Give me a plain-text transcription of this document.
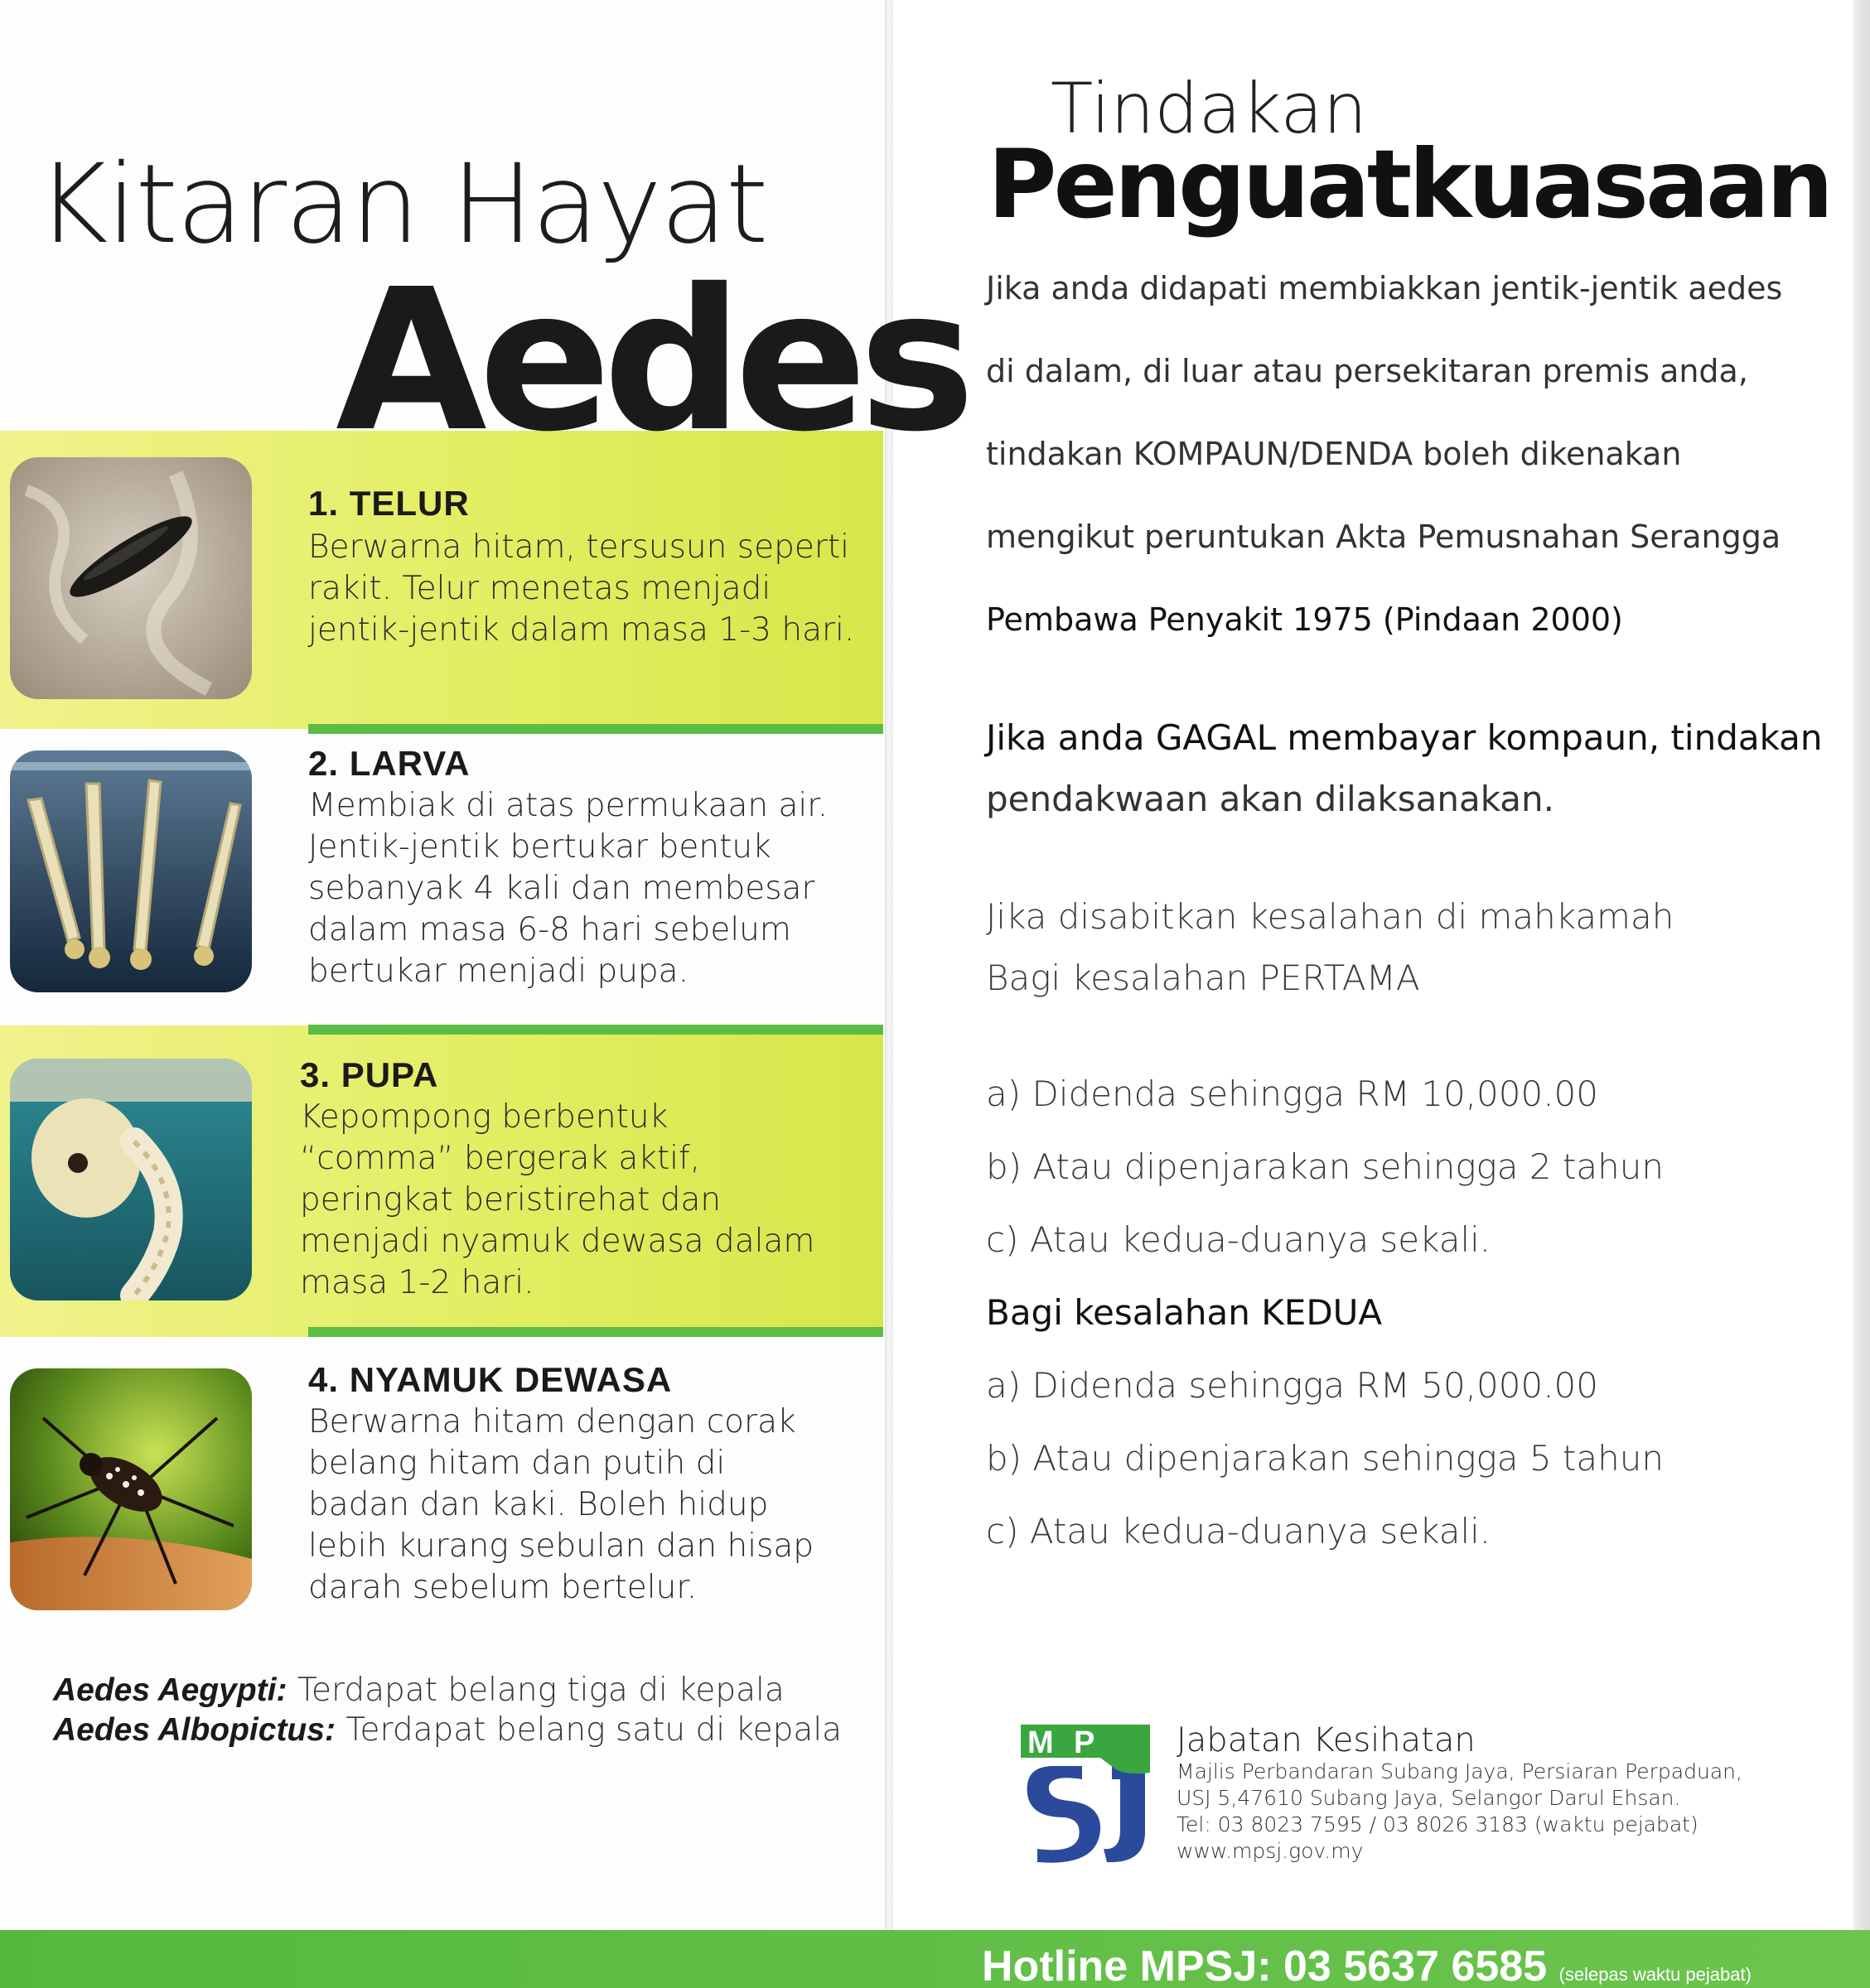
Kitaran Hayat
Aedes
1. TELUR
Berwarna hitam, tersusun seperti
rakit. Telur menetas menjadi
jentik-jentik dalam masa 1-3 hari.
2. LARVA
Membiak di atas permukaan air.
Jentik-jentik bertukar bentuk
sebanyak 4 kali dan membesar
dalam masa 6-8 hari sebelum
bertukar menjadi pupa.
3. PUPA
Kepompong berbentuk
“comma” bergerak aktif,
peringkat beristirehat dan
menjadi nyamuk dewasa dalam
masa 1-2 hari.
4. NYAMUK DEWASA
Berwarna hitam dengan corak
belang hitam dan putih di
badan dan kaki. Boleh hidup
lebih kurang sebulan dan hisap
darah sebelum bertelur.
Aedes Aegypti: Terdapat belang tiga di kepala
Aedes Albopictus: Terdapat belang satu di kepala
Tindakan
Penguatkuasaan
Jika anda didapati membiakkan jentik-jentik aedes
di dalam, di luar atau persekitaran premis anda,
tindakan KOMPAUN/DENDA boleh dikenakan
mengikut peruntukan Akta Pemusnahan Serangga
Pembawa Penyakit 1975 (Pindaan 2000)
Jika anda GAGAL membayar kompaun, tindakan
pendakwaan akan dilaksanakan.
Jika disabitkan kesalahan di mahkamah
Bagi kesalahan PERTAMA
a) Didenda sehingga RM 10,000.00
b) Atau dipenjarakan sehingga 2 tahun
c) Atau kedua-duanya sekali.
Bagi kesalahan KEDUA
a) Didenda sehingga RM 50,000.00
b) Atau dipenjarakan sehingga 5 tahun
c) Atau kedua-duanya sekali.
M P Jabatan Kesihatan
Majlis Perbandaran Subang Jaya, Persiaran Perpaduan,
USJ 5,47610 Subang Jaya, Selangor Darul Ehsan.
Tel: 03 8023 7595 / 03 8026 3183 (waktu pejabat)
www.mpsj.gov.my
Hotline MPSJ: 03 5637 6585 (selepas waktu pejabat)
